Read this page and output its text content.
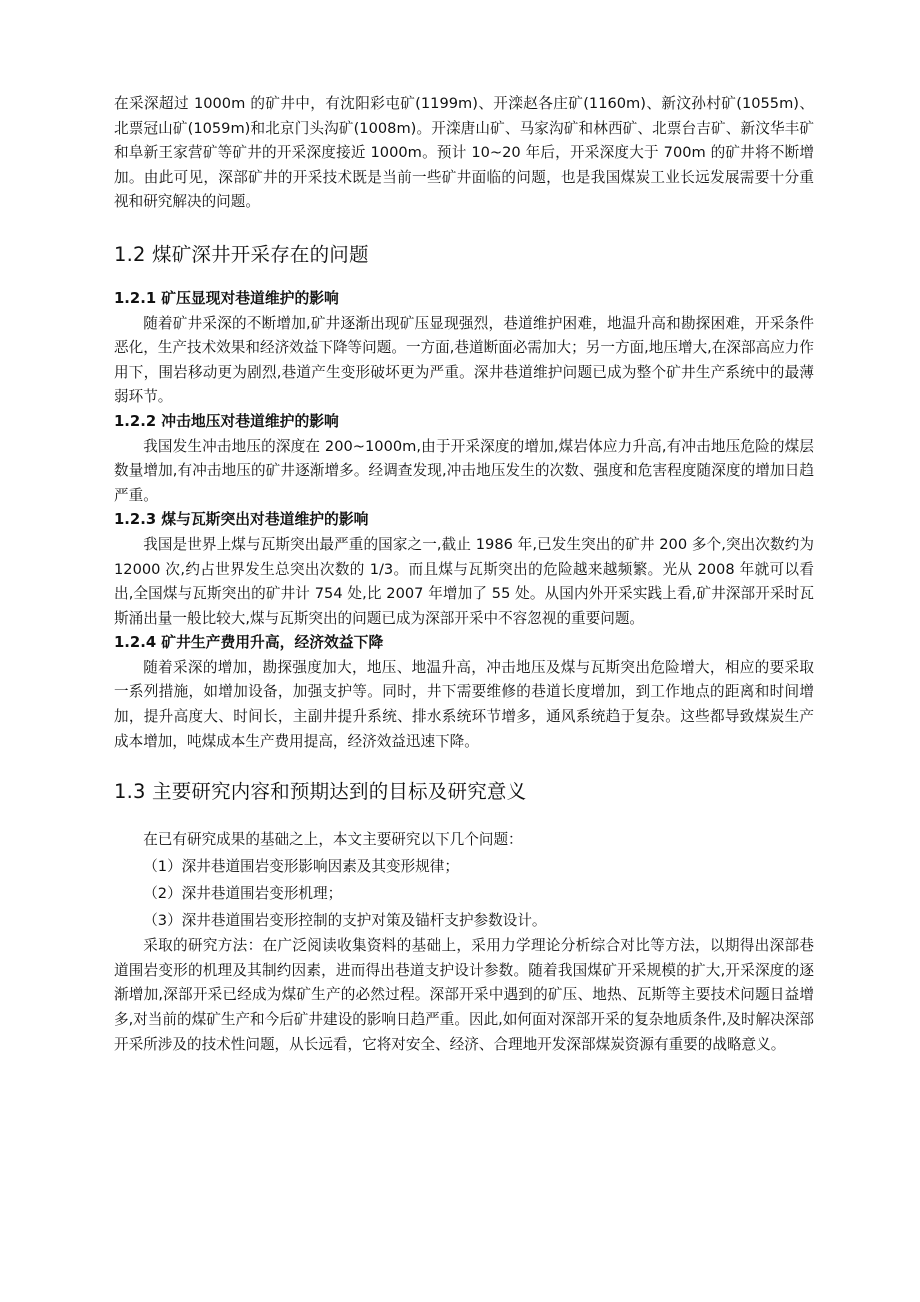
在采深超过 1000m 的矿井中，有沈阳彩屯矿(1199m)、开滦赵各庄矿(1160m)、新汶孙村矿(1055m)、北票冠山矿(1059m)和北京门头沟矿(1008m)。开滦唐山矿、马家沟矿和林西矿、北票台吉矿、新汶华丰矿和阜新王家营矿等矿井的开采深度接近 1000m。预计 10~20 年后，开采深度大于 700m 的矿井将不断增加。由此可见，深部矿井的开采技术既是当前一些矿井面临的问题，也是我国煤炭工业长远发展需要十分重视和研究解决的问题。

1.2 煤矿深井开采存在的问题
1.2.1 矿压显现对巷道维护的影响

随着矿井采深的不断增加,矿井逐渐出现矿压显现强烈，巷道维护困难，地温升高和勘探困难，开采条件恶化，生产技术效果和经济效益下降等问题。一方面,巷道断面必需加大；另一方面,地压增大,在深部高应力作用下，围岩移动更为剧烈,巷道产生变形破坏更为严重。深井巷道维护问题已成为整个矿井生产系统中的最薄弱环节。

1.2.2 冲击地压对巷道维护的影响

我国发生冲击地压的深度在 200~1000m,由于开采深度的增加,煤岩体应力升高,有冲击地压危险的煤层数量增加,有冲击地压的矿井逐渐增多。经调查发现,冲击地压发生的次数、强度和危害程度随深度的增加日趋严重。

1.2.3 煤与瓦斯突出对巷道维护的影响

我国是世界上煤与瓦斯突出最严重的国家之一,截止 1986 年,已发生突出的矿井 200 多个,突出次数约为 12000 次,约占世界发生总突出次数的 1/3。而且煤与瓦斯突出的危险越来越频繁。光从 2008 年就可以看出,全国煤与瓦斯突出的矿井计 754 处,比 2007 年增加了 55 处。从国内外开采实践上看,矿井深部开采时瓦斯涌出量一般比较大,煤与瓦斯突出的问题已成为深部开采中不容忽视的重要问题。

1.2.4 矿井生产费用升高，经济效益下降

随着采深的增加，勘探强度加大，地压、地温升高，冲击地压及煤与瓦斯突出危险增大，相应的要采取一系列措施，如增加设备，加强支护等。同时，井下需要维修的巷道长度增加，到工作地点的距离和时间增加，提升高度大、时间长，主副井提升系统、排水系统环节增多，通风系统趋于复杂。这些都导致煤炭生产成本增加，吨煤成本生产费用提高，经济效益迅速下降。

1.3 主要研究内容和预期达到的目标及研究意义

在已有研究成果的基础之上，本文主要研究以下几个问题：

（1）深井巷道围岩变形影响因素及其变形规律；

（2）深井巷道围岩变形机理；

（3）深井巷道围岩变形控制的支护对策及锚杆支护参数设计。

采取的研究方法：在广泛阅读收集资料的基础上，采用力学理论分析综合对比等方法，以期得出深部巷道围岩变形的机理及其制约因素，进而得出巷道支护设计参数。随着我国煤矿开采规模的扩大,开采深度的逐渐增加,深部开采已经成为煤矿生产的必然过程。深部开采中遇到的矿压、地热、瓦斯等主要技术问题日益增多,对当前的煤矿生产和今后矿井建设的影响日趋严重。因此,如何面对深部开采的复杂地质条件,及时解决深部开采所涉及的技术性问题，从长远看，它将对安全、经济、合理地开发深部煤炭资源有重要的战略意义。
